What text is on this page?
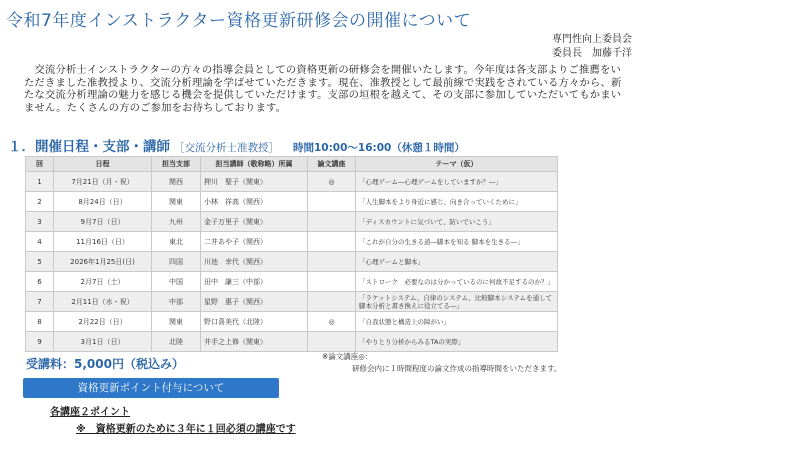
令和7年度インストラクター資格更新研修会の開催について
専門性向上委員会
委員長　加藤千洋
　交流分析士インストラクターの方々の指導会員としての資格更新の研修会を開催いたします。今年度は各支部よりご推薦をいただきました准教授より、交流分析理論を学ばせていただきます。現在、准教授として最前線で実践をされている方々から、新たな交流分析理論の魅力を感じる機会を提供していただけます。支部の垣根を越えて、その支部に参加していただいてもかまいません。たくさんの方のご参加をお待ちしております。
１．開催日程・支部・講師 ［交流分析士准教授］ 時間10:00～16:00（休憩１時間）
回	日程	担当支部	担当講師（敬称略）所属	論文講座	テーマ（仮）
1	7月21日（月・祝）	関西	押川　聖子（関東）	◎	「心理ゲーム―心理ゲームをしていますか？―」
2	8月24日（日）	関東	小林　祥高（関西）		「人生脚本をより身近に感じ、向き合っていくために」
3	9月7日（日）	九州	金子万里子（関東）		「ディスカウントに気づいて、防いでいこう」
4	11月16日（日）	東北	二井あや子（関西）		「これが自分の生きる道―脚本を知る 脚本を生きる―」
5	2026年1月25日(日)	四国	川池　幸代（関西）		「心理ゲームと脚本」
6	2月7日（土）	中国	田中　謙三（中部）		「ストローク　必要なのは分かっているのに何故不足するのか？」
7	2月11日（水・祝）	中部	星野　惠子（関西）		「ラケットシステム、自律のシステム、比較脚本システムを通して脚本分析と書き換えに役立てる―」
8	2月22日（日）	関東	野口喜美代（北陸）	◎	「自我状態と構造上の障がい」
9	3月1日（日）	北陸	井手之上修（関東）		「やりとり分析からみるTAの実際」
受講料：5,000円（税込み）
※論文講座◎：
研修会内に１時間程度の論文作成の指導時間をいただきます。
資格更新ポイント付与について
各講座２ポイント
※　資格更新のために３年に１回必須の講座です
